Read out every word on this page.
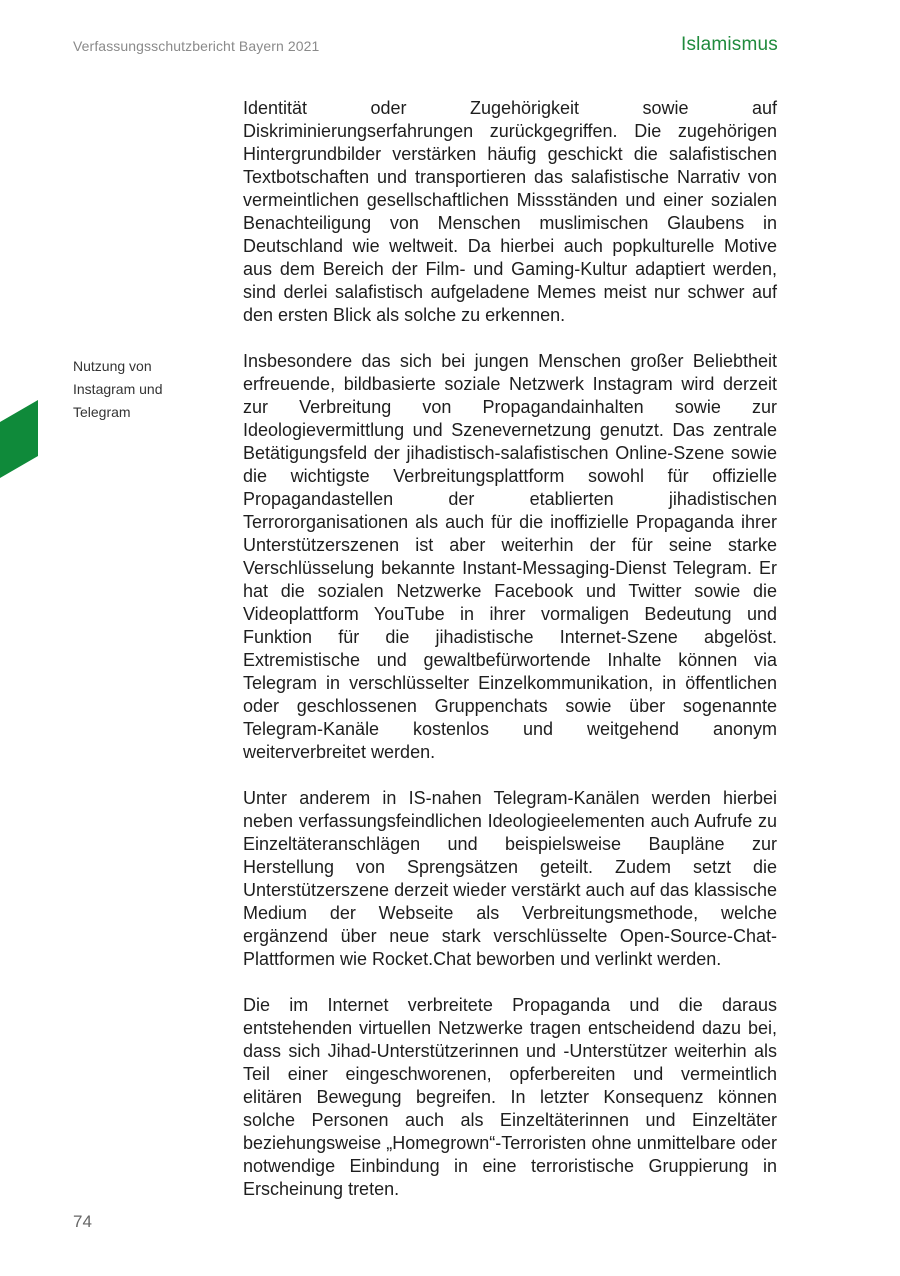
Verfassungsschutzbericht Bayern 2021	Islamismus
Nutzung von
Instagram und
Telegram

Identität oder Zugehörigkeit sowie auf Diskriminierungserfahrungen zurückgegriffen. Die zugehörigen Hintergrundbilder verstärken häufig geschickt die salafistischen Textbotschaften und transportieren das salafistische Narrativ von vermeintlichen gesellschaftlichen Missständen und einer sozialen Benachteiligung von Menschen muslimischen Glaubens in Deutschland wie weltweit. Da hierbei auch popkulturelle Motive aus dem Bereich der Film- und Gaming-Kultur adaptiert werden, sind derlei salafistisch aufgeladene Memes meist nur schwer auf den ersten Blick als solche zu erkennen.

Insbesondere das sich bei jungen Menschen großer Beliebtheit erfreuende, bildbasierte soziale Netzwerk Instagram wird derzeit zur Verbreitung von Propagandainhalten sowie zur Ideologievermittlung und Szenevernetzung genutzt. Das zentrale Betätigungsfeld der jihadistisch-salafistischen Online-Szene sowie die wichtigste Verbreitungsplattform sowohl für offizielle Propagandastellen der etablierten jihadistischen Terrororganisationen als auch für die inoffizielle Propaganda ihrer Unterstützerszenen ist aber weiterhin der für seine starke Verschlüsselung bekannte Instant-Messaging-Dienst Telegram. Er hat die sozialen Netzwerke Facebook und Twitter sowie die Videoplattform YouTube in ihrer vormaligen Bedeutung und Funktion für die jihadistische Internet-Szene abgelöst. Extremistische und gewaltbefürwortende Inhalte können via Telegram in verschlüsselter Einzelkommunikation, in öffentlichen oder geschlossenen Gruppenchats sowie über sogenannte Telegram-Kanäle kostenlos und weitgehend anonym weiterverbreitet werden.

Unter anderem in IS-nahen Telegram-Kanälen werden hierbei neben verfassungsfeindlichen Ideologieelementen auch Aufrufe zu Einzeltäteranschlägen und beispielsweise Baupläne zur Herstellung von Sprengsätzen geteilt. Zudem setzt die Unterstützerszene derzeit wieder verstärkt auch auf das klassische Medium der Webseite als Verbreitungsmethode, welche ergänzend über neue stark verschlüsselte Open-Source-Chat-Plattformen wie Rocket.Chat beworben und verlinkt werden.

Die im Internet verbreitete Propaganda und die daraus entstehenden virtuellen Netzwerke tragen entscheidend dazu bei, dass sich Jihad-Unterstützerinnen und -Unterstützer weiterhin als Teil einer eingeschworenen, opferbereiten und vermeintlich elitären Bewegung begreifen. In letzter Konsequenz können solche Personen auch als Einzeltäterinnen und Einzeltäter beziehungsweise „Homegrown“-Terroristen ohne unmittelbare oder notwendige Einbindung in eine terroristische Gruppierung in Erscheinung treten.

74
